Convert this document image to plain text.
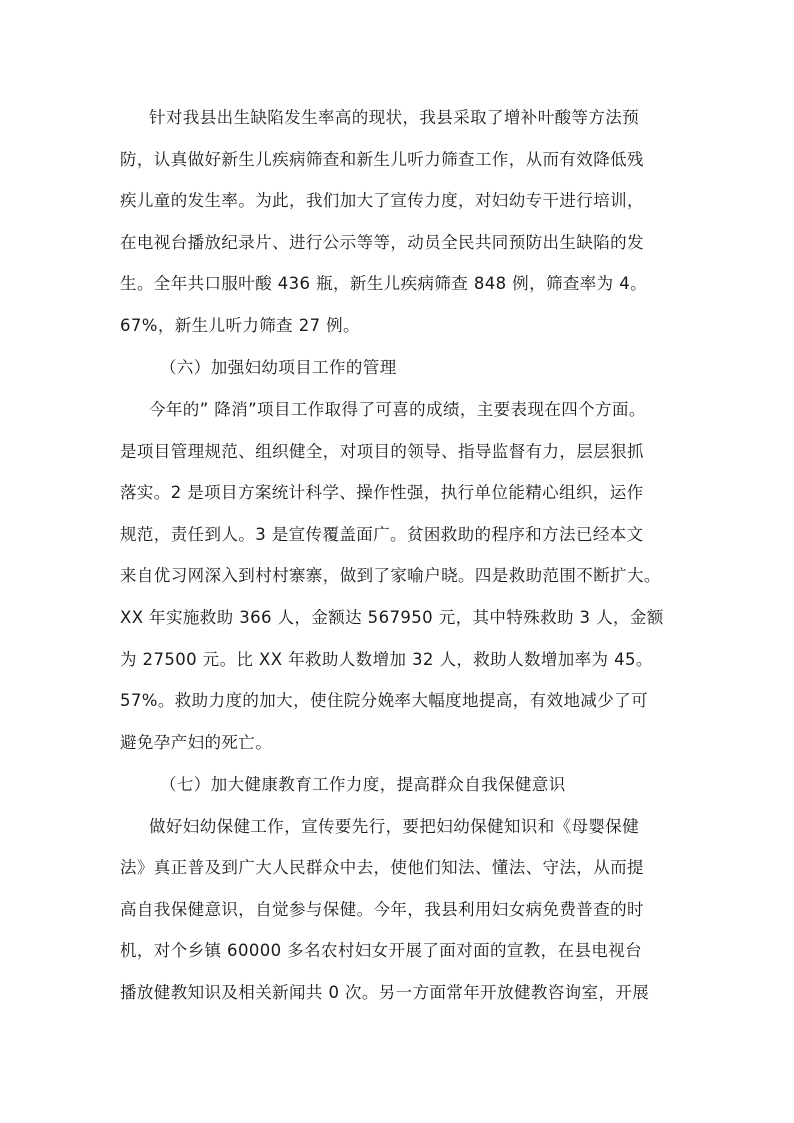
针对我县出生缺陷发生率高的现状，我县采取了增补叶酸等方法预
防，认真做好新生儿疾病筛查和新生儿听力筛查工作，从而有效降低残
疾儿童的发生率。为此，我们加大了宣传力度，对妇幼专干进行培训，
在电视台播放纪录片、进行公示等等，动员全民共同预防出生缺陷的发
生。全年共口服叶酸 436 瓶，新生儿疾病筛查 848 例，筛查率为 4。
67%，新生儿听力筛查 27 例。
（六）加强妇幼项目工作的管理
今年的” 降消”项目工作取得了可喜的成绩，主要表现在四个方面。
是项目管理规范、组织健全，对项目的领导、指导监督有力，层层狠抓
落实。2 是项目方案统计科学、操作性强，执行单位能精心组织，运作
规范，责任到人。3 是宣传覆盖面广。贫困救助的程序和方法已经本文
来自优习网深入到村村寨寨，做到了家喻户晓。四是救助范围不断扩大。
XX 年实施救助 366 人，金额达 567950 元，其中特殊救助 3 人，金额
为 27500 元。比 XX 年救助人数增加 32 人，救助人数增加率为 45。
57%。救助力度的加大，使住院分娩率大幅度地提高，有效地减少了可
避免孕产妇的死亡。
（七）加大健康教育工作力度，提高群众自我保健意识
做好妇幼保健工作，宣传要先行，要把妇幼保健知识和《母婴保健
法》真正普及到广大人民群众中去，使他们知法、懂法、守法，从而提
高自我保健意识，自觉参与保健。今年，我县利用妇女病免费普查的时
机，对个乡镇 60000 多名农村妇女开展了面对面的宣教，在县电视台
播放健教知识及相关新闻共 0 次。另一方面常年开放健教咨询室，开展
